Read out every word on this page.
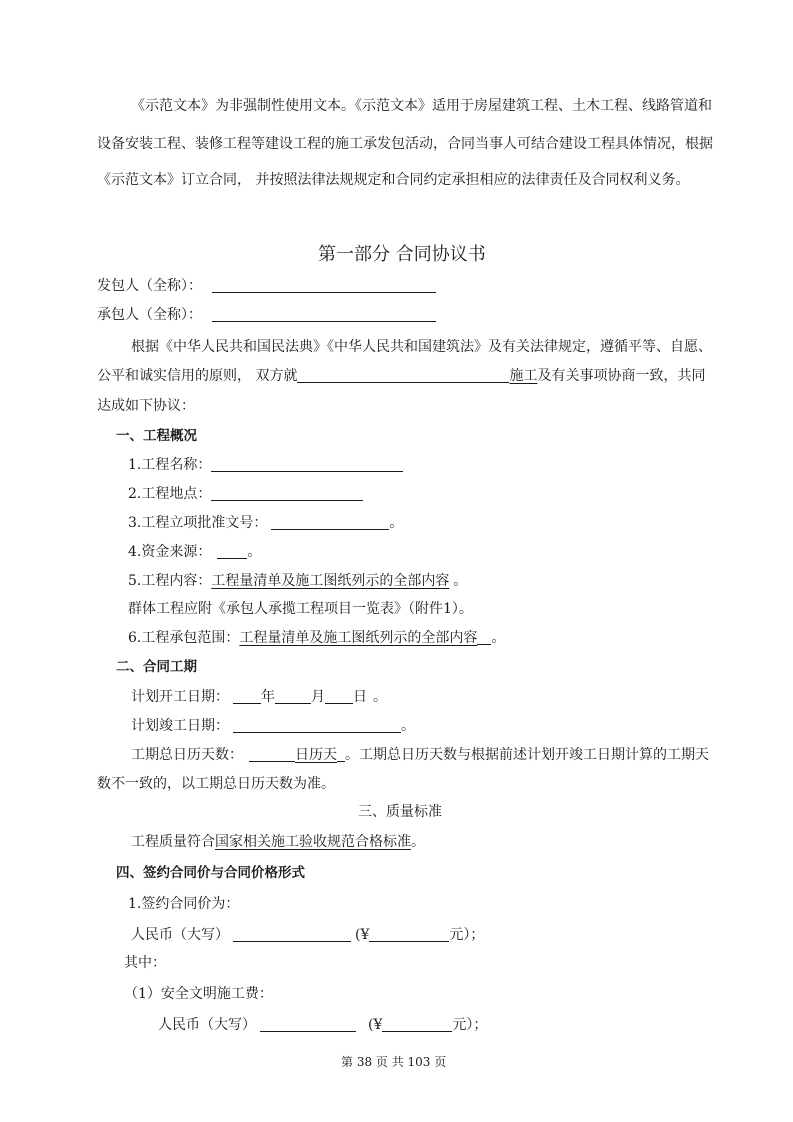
《示范文本》为非强制性使用文本。《示范文本》适用于房屋建筑工程、土木工程、线路管道和
设备安装工程、装修工程等建设工程的施工承发包活动，合同当事人可结合建设工程具体情况，根据
《示范文本》订立合同， 并按照法律法规规定和合同约定承担相应的法律责任及合同权利义务。
第一部分 合同协议书
发包人（全称）：
承包人（全称）：
根据《中华人民共和国民法典》《中华人民共和国建筑法》及有关法律规定，遵循平等、自愿、
公平和诚实信用的原则， 双方就	施工及有关事项协商一致，共同
达成如下协议：
一、工程概况
1.工程名称：
2.工程地点：
3.工程立项批准文号：	。
4.资金来源：	。
5.工程内容：工程量清单及施工图纸列示的全部内容 。
群体工程应附《承包人承揽工程项目一览表》（附件1）。
6.工程承包范围：工程量清单及施工图纸列示的全部内容 。
二、合同工期
计划开工日期： 年	月 日 。
计划竣工日期：	。
工期总日历天数：	日历天 。工期总日历天数与根据前述计划开竣工日期计算的工期天
数不一致的，以工期总日历天数为准。
三、质量标准
工程质量符合国家相关施工验收规范合格标准。
四、签约合同价与合同价格形式
1.签约合同价为：
人民币（大写）	(¥	元）；
其中：
（1）安全文明施工费：
人民币（大写）	(¥	元）；
第 38 页 共 103 页
